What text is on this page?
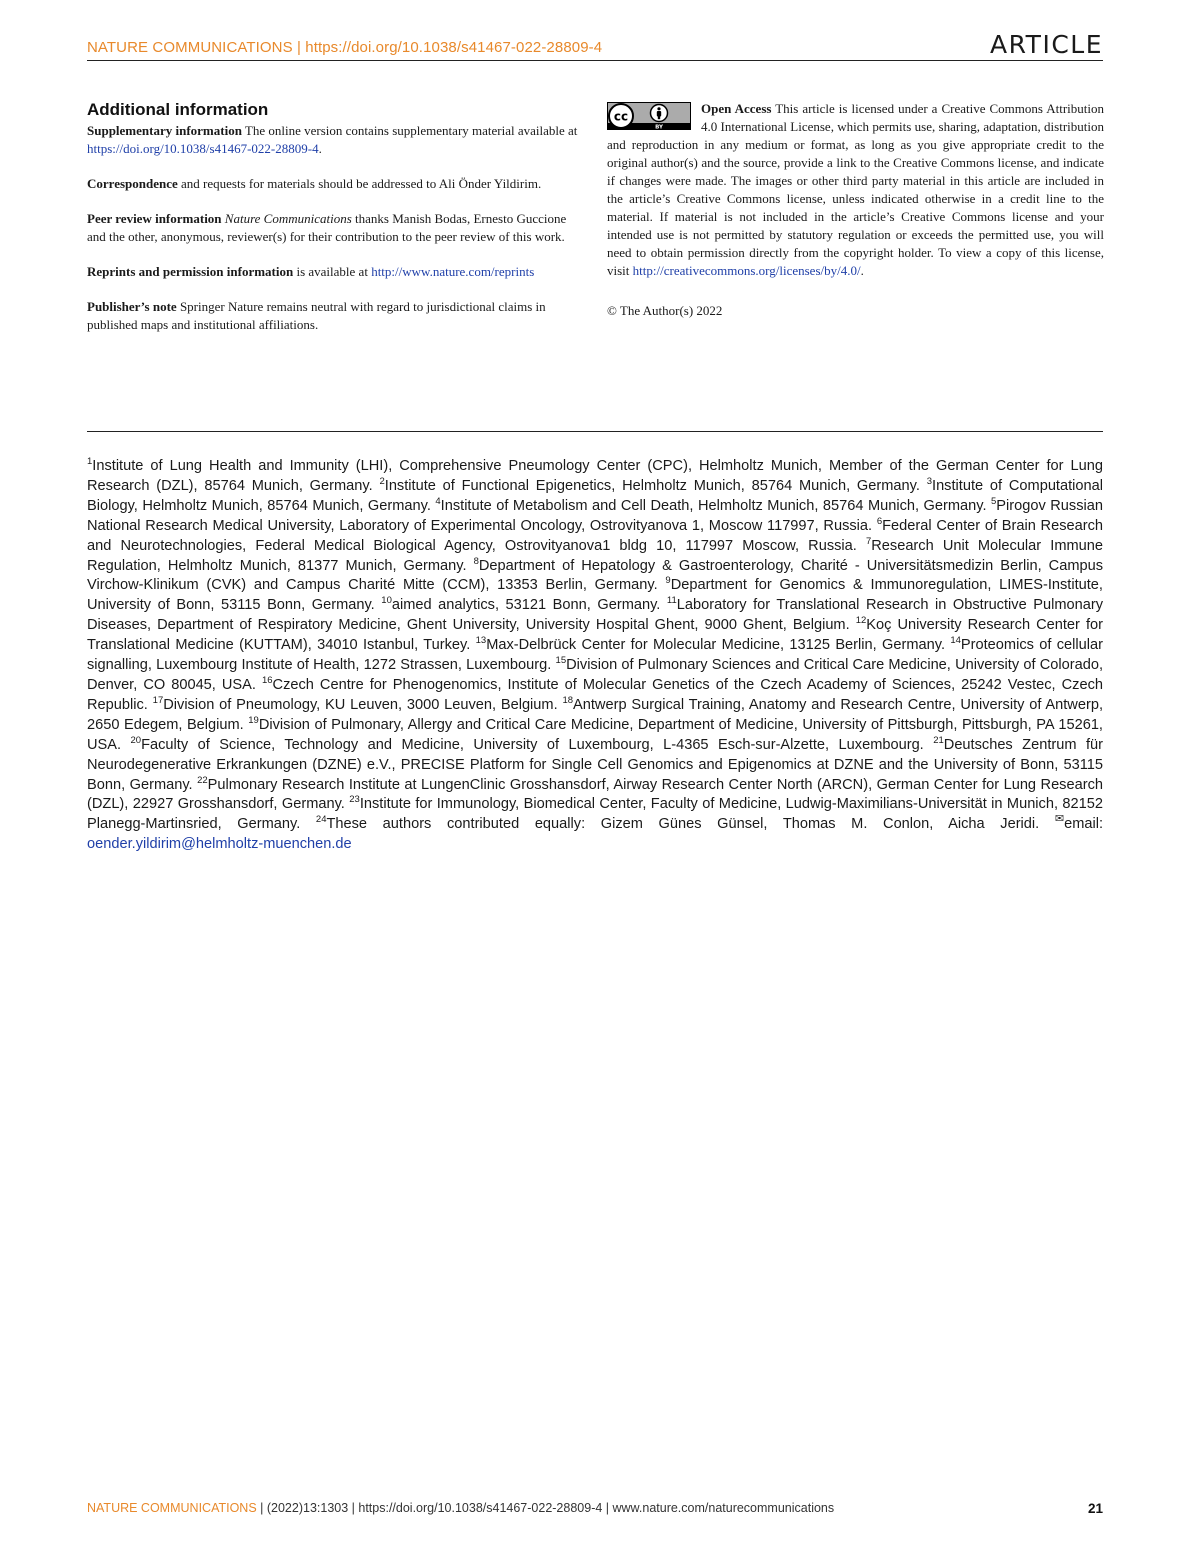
NATURE COMMUNICATIONS | https://doi.org/10.1038/s41467-022-28809-4	ARTICLE
Additional information

Supplementary information The online version contains supplementary material available at https://doi.org/10.1038/s41467-022-28809-4.

Correspondence and requests for materials should be addressed to Ali Önder Yildirim.

Peer review information Nature Communications thanks Manish Bodas, Ernesto Guccione and the other, anonymous, reviewer(s) for their contribution to the peer review of this work.

Reprints and permission information is available at http://www.nature.com/reprints

Publisher’s note Springer Nature remains neutral with regard to jurisdictional claims in published maps and institutional affiliations.

cc
BY
Open Access This article is licensed under a Creative Commons Attribution 4.0 International License, which permits use, sharing, adaptation, distribution and reproduction in any medium or format, as long as you give appropriate credit to the original author(s) and the source, provide a link to the Creative Commons license, and indicate if changes were made. The images or other third party material in this article are included in the article’s Creative Commons license, unless indicated otherwise in a credit line to the material. If material is not included in the article’s Creative Commons license and your intended use is not permitted by statutory regulation or exceeds the permitted use, you will need to obtain permission directly from the copyright holder. To view a copy of this license, visit http://creativecommons.org/licenses/by/4.0/.
© The Author(s) 2022
$^1$Institute of Lung Health and Immunity (LHI), Comprehensive Pneumology Center (CPC), Helmholtz Munich, Member of the German Center for Lung Research (DZL), 85764 Munich, Germany. $^2$Institute of Functional Epigenetics, Helmholtz Munich, 85764 Munich, Germany. $^3$Institute of Computational Biology, Helmholtz Munich, 85764 Munich, Germany. $^4$Institute of Metabolism and Cell Death, Helmholtz Munich, 85764 Munich, Germany. $^5$Pirogov Russian National Research Medical University, Laboratory of Experimental Oncology, Ostrovityanova 1, Moscow 117997, Russia. $^6$Federal Center of Brain Research and Neurotechnologies, Federal Medical Biological Agency, Ostrovityanova1 bldg 10, 117997 Moscow, Russia. $^7$Research Unit Molecular Immune Regulation, Helmholtz Munich, 81377 Munich, Germany. $^8$Department of Hepatology & Gastroenterology, Charité - Universitätsmedizin Berlin, Campus Virchow-Klinikum (CVK) and Campus Charité Mitte (CCM), 13353 Berlin, Germany. $^9$Department for Genomics & Immunoregulation, LIMES-Institute, University of Bonn, 53115 Bonn, Germany. $^{10}$aimed analytics, 53121 Bonn, Germany. $^{11}$Laboratory for Translational Research in Obstructive Pulmonary Diseases, Department of Respiratory Medicine, Ghent University, University Hospital Ghent, 9000 Ghent, Belgium. $^{12}$Koç University Research Center for Translational Medicine (KUTTAM), 34010 Istanbul, Turkey. $^{13}$Max-Delbrück Center for Molecular Medicine, 13125 Berlin, Germany. $^{14}$Proteomics of cellular signalling, Luxembourg Institute of Health, 1272 Strassen, Luxembourg. $^{15}$Division of Pulmonary Sciences and Critical Care Medicine, University of Colorado, Denver, CO 80045, USA. $^{16}$Czech Centre for Phenogenomics, Institute of Molecular Genetics of the Czech Academy of Sciences, 25242 Vestec, Czech Republic. $^{17}$Division of Pneumology, KU Leuven, 3000 Leuven, Belgium. $^{18}$Antwerp Surgical Training, Anatomy and Research Centre, University of Antwerp, 2650 Edegem, Belgium. $^{19}$Division of Pulmonary, Allergy and Critical Care Medicine, Department of Medicine, University of Pittsburgh, Pittsburgh, PA 15261, USA. $^{20}$Faculty of Science, Technology and Medicine, University of Luxembourg, L-4365 Esch-sur-Alzette, Luxembourg. $^{21}$Deutsches Zentrum für Neurodegenerative Erkrankungen (DZNE) e.V., PRECISE Platform for Single Cell Genomics and Epigenomics at DZNE and the University of Bonn, 53115 Bonn, Germany. $^{22}$Pulmonary Research Institute at LungenClinic Grosshansdorf, Airway Research Center North (ARCN), German Center for Lung Research (DZL), 22927 Grosshansdorf, Germany. $^{23}$Institute for Immunology, Biomedical Center, Faculty of Medicine, Ludwig-Maximilians-Universität in Munich, 82152 Planegg-Martinsried, Germany. $^{24}$These authors contributed equally: Gizem Günes Günsel, Thomas M. Conlon, Aicha Jeridi. ✉email: oender.yildirim@helmholtz-muenchen.de
NATURE COMMUNICATIONS | (2022)13:1303 | https://doi.org/10.1038/s41467-022-28809-4 | www.nature.com/naturecommunications	21
